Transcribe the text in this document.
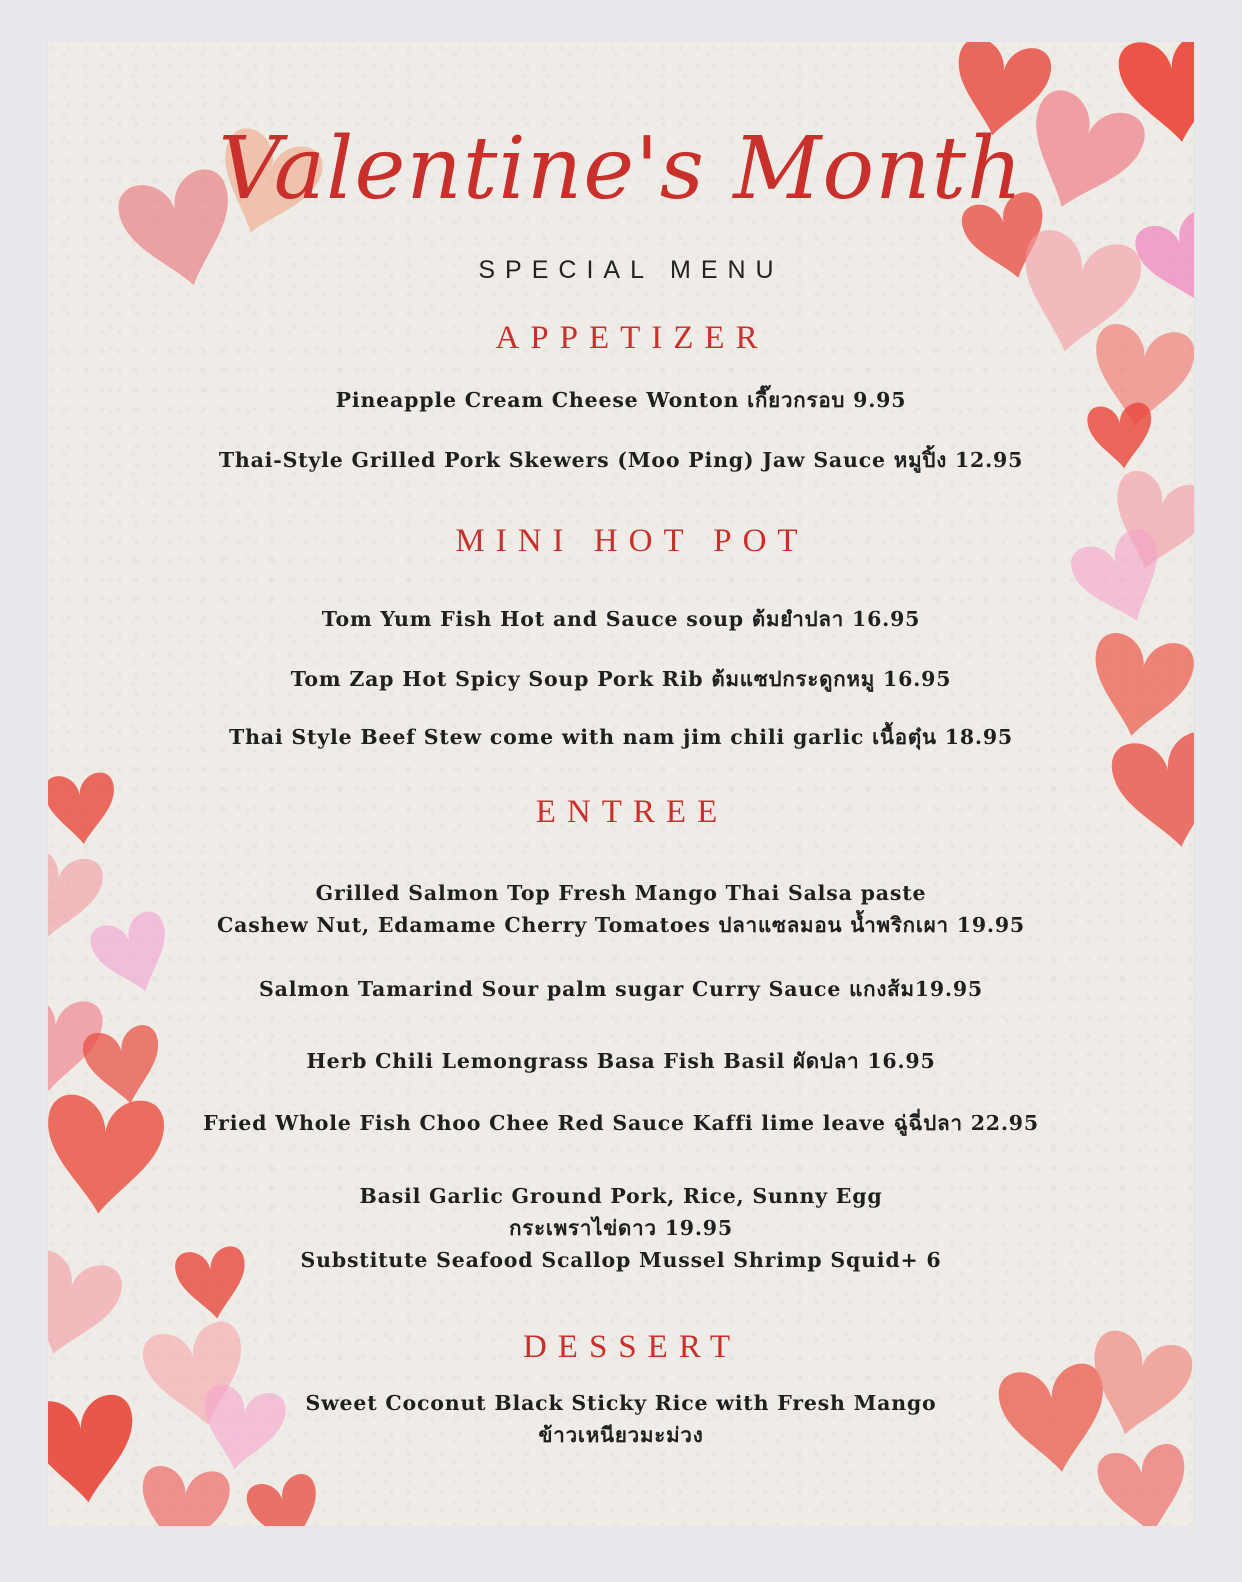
Valentine's Month
SPECIAL MENU
APPETIZER
Pineapple Cream Cheese Wonton เกี๊ยวกรอบ 9.95
Thai-Style Grilled Pork Skewers (Moo Ping) Jaw Sauce หมูปิ้ง 12.95
MINI HOT POT
Tom Yum Fish Hot and Sauce soup ต้มยำปลา 16.95
Tom Zap Hot Spicy Soup Pork Rib ต้มแซปกระดูกหมู 16.95
Thai Style Beef Stew come with nam jim chili garlic เนื้อตุ๋น 18.95
ENTREE
Grilled Salmon Top Fresh Mango Thai Salsa paste
Cashew Nut, Edamame Cherry Tomatoes ปลาแซลมอน น้ำพริกเผา 19.95
Salmon Tamarind Sour palm sugar Curry Sauce แกงส้ม19.95
Herb Chili Lemongrass Basa Fish Basil ผัดปลา 16.95
Fried Whole Fish Choo Chee Red Sauce Kaffi lime leave ฉู่ฉี่ปลา 22.95
Basil Garlic Ground Pork, Rice, Sunny Egg
กระเพราไข่ดาว 19.95
Substitute Seafood Scallop Mussel Shrimp Squid+ 6
DESSERT
Sweet Coconut Black Sticky Rice with Fresh Mango
ข้าวเหนียวมะม่วง
